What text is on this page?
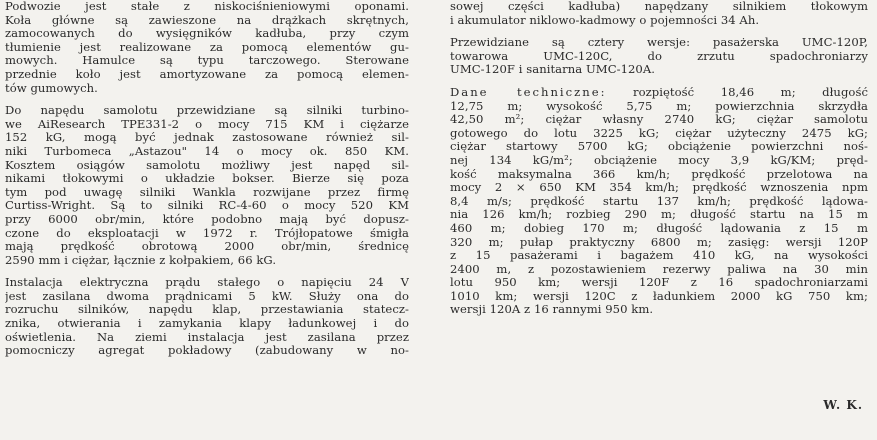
Podwozie jest stałe z niskociśnieniowymi oponami.
Koła główne są zawieszone na drążkach skrętnych,
zamocowanych do wysięgników kadłuba, przy czym
tłumienie jest realizowane za pomocą elementów gu-
mowych. Hamulce są typu tarczowego. Sterowane
przednie koło jest amortyzowane za pomocą elemen-
tów gumowych.

Do napędu samolotu przewidziane są silniki turbino-
we AiResearch TPE331-2 o mocy 715 KM i ciężarze
152 kG, mogą być jednak zastosowane również sil-
niki Turbomeca „Astazou" 14 o mocy ok. 850 KM.
Kosztem osiągów samolotu możliwy jest napęd sil-
nikami tłokowymi o układzie bokser. Bierze się poza
tym pod uwagę silniki Wankla rozwijane przez firmę
Curtiss-Wright. Są to silniki RC-4-60 o mocy 520 KM
przy 6000 obr/min, które podobno mają być dopusz-
czone do eksploatacji w 1972 r. Trójłopatowe śmigła
mają prędkość obrotową 2000 obr/min, średnicę
2590 mm i ciężar, łącznie z kołpakiem, 66 kG.

Instalacja elektryczna prądu stałego o napięciu 24 V
jest zasilana dwoma prądnicami 5 kW. Służy ona do
rozruchu silników, napędu klap, przestawiania statecz-
znika, otwierania i zamykania klapy ładunkowej i do
oświetlenia. Na ziemi instalacja jest zasilana przez
pomocniczy agregat pokładowy (zabudowany w no-

sowej części kadłuba) napędzany silnikiem tłokowym
i akumulator niklowo-kadmowy o pojemności 34 Ah.

Przewidziane są cztery wersje: pasażerska UMC-120P,
towarowa UMC-120C, do zrzutu spadochroniarzy
UMC-120F i sanitarna UMC-120A.

Dane techniczne: rozpiętość 18,46 m; długość
12,75 m; wysokość 5,75 m; powierzchnia skrzydła
42,50 m²; ciężar własny 2740 kG; ciężar samolotu
gotowego do lotu 3225 kG; ciężar użyteczny 2475 kG;
ciężar startowy 5700 kG; obciążenie powierzchni noś-
nej 134 kG/m²; obciążenie mocy 3,9 kG/KM; pręd-
kość maksymalna 366 km/h; prędkość przelotowa na
mocy 2 × 650 KM 354 km/h; prędkość wznoszenia npm
8,4 m/s; prędkość startu 137 km/h; prędkość lądowa-
nia 126 km/h; rozbieg 290 m; długość startu na 15 m
460 m; dobieg 170 m; długość lądowania z 15 m
320 m; pułap praktyczny 6800 m; zasięg: wersji 120P
z 15 pasażerami i bagażem 410 kG, na wysokości
2400 m, z pozostawieniem rezerwy paliwa na 30 min
lotu 950 km; wersji 120F z 16 spadochroniarzami
1010 km; wersji 120C z ładunkiem 2000 kG 750 km;
wersji 120A z 16 rannymi 950 km.

W. K.
